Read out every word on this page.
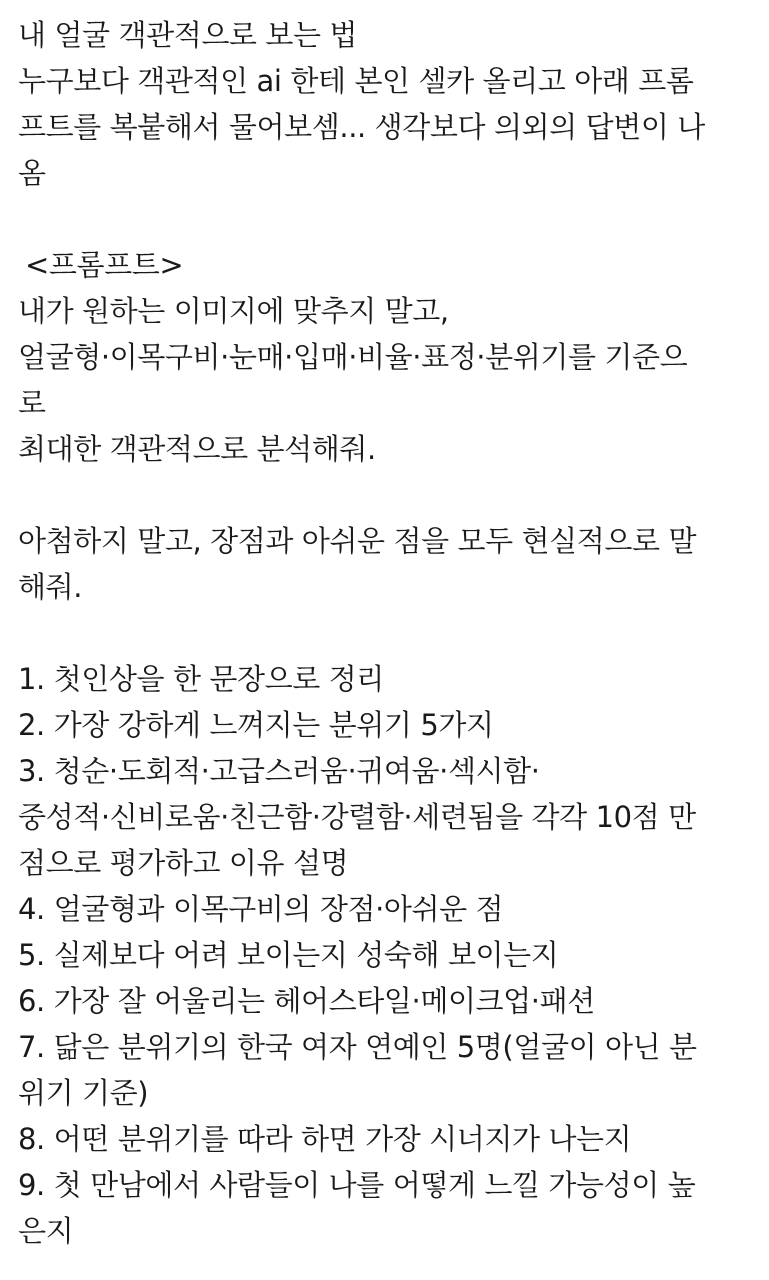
내 얼굴 객관적으로 보는 법
누구보다 객관적인 ai 한테 본인 셀카 올리고 아래 프롬
프트를 복붙해서 물어보셈... 생각보다 의외의 답변이 나
옴
<프롬프트>
내가 원하는 이미지에 맞추지 말고,
얼굴형·이목구비·눈매·입매·비율·표정·분위기를 기준으
로
최대한 객관적으로 분석해줘.
아첨하지 말고, 장점과 아쉬운 점을 모두 현실적으로 말
해줘.
1. 첫인상을 한 문장으로 정리
2. 가장 강하게 느껴지는 분위기 5가지
3. 청순·도회적·고급스러움·귀여움·섹시함·
중성적·신비로움·친근함·강렬함·세련됨을 각각 10점 만
점으로 평가하고 이유 설명
4. 얼굴형과 이목구비의 장점·아쉬운 점
5. 실제보다 어려 보이는지 성숙해 보이는지
6. 가장 잘 어울리는 헤어스타일·메이크업·패션
7. 닮은 분위기의 한국 여자 연예인 5명(얼굴이 아닌 분
위기 기준)
8. 어떤 분위기를 따라 하면 가장 시너지가 나는지
9. 첫 만남에서 사람들이 나를 어떻게 느낄 가능성이 높
은지
